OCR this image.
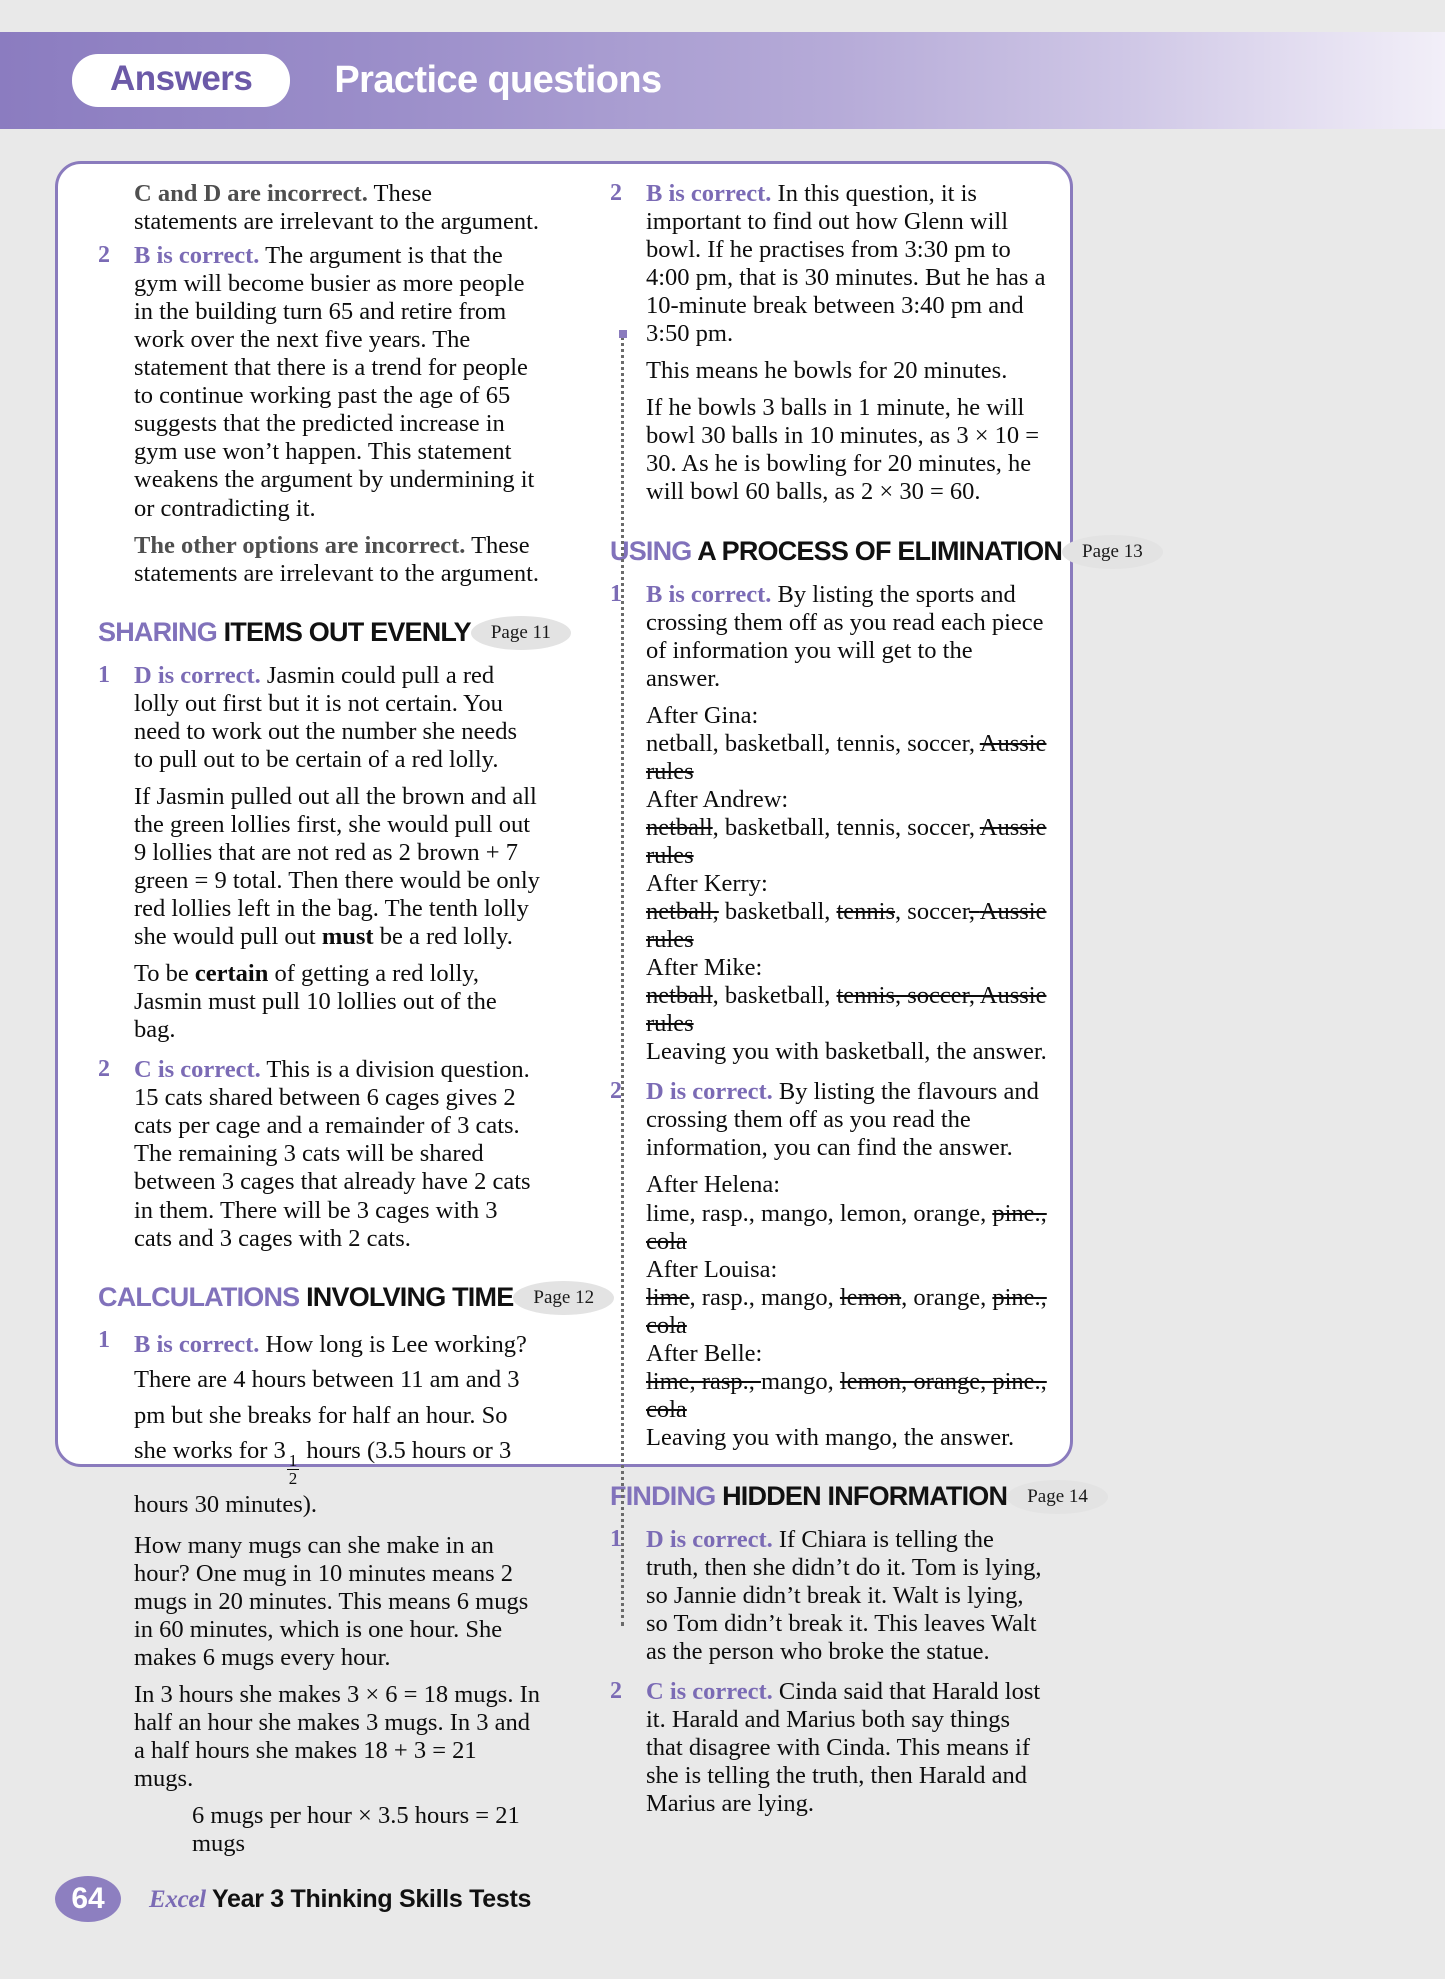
Answers	Practice questions

C and D are incorrect. These statements are irrelevant to the argument.

2 B is correct. The argument is that the gym will become busier as more people in the building turn 65 and retire from work over the next five years. The statement that there is a trend for people to continue working past the age of 65 suggests that the predicted increase in gym use won’t happen. This statement weakens the argument by undermining it or contradicting it.

The other options are incorrect. These statements are irrelevant to the argument.

SHARING ITEMS OUT EVENLY	Page 11
1 D is correct. Jasmin could pull a red lolly out first but it is not certain. You need to work out the number she needs to pull out to be certain of a red lolly.

If Jasmin pulled out all the brown and all the green lollies first, she would pull out 9 lollies that are not red as 2 brown + 7 green = 9 total. Then there would be only red lollies left in the bag. The tenth lolly she would pull out must be a red lolly.

To be certain of getting a red lolly, Jasmin must pull 10 lollies out of the bag.

2 C is correct. This is a division question. 15 cats shared between 6 cages gives 2 cats per cage and a remainder of 3 cats. The remaining 3 cats will be shared between 3 cages that already have 2 cats in them. There will be 3 cages with 3 cats and 3 cages with 2 cats.

CALCULATIONS INVOLVING TIME	Page 12
1 B is correct. How long is Lee working? There are 4 hours between 11 am and 3 pm but she breaks for half an hour. So she works for 3
$\frac{1}{2}$
hours (3.5 hours or 3 hours 30 minutes).

How many mugs can she make in an hour? One mug in 10 minutes means 2 mugs in 20 minutes. This means 6 mugs in 60 minutes, which is one hour. She makes 6 mugs every hour.

In 3 hours she makes 3 × 6 = 18 mugs. In half an hour she makes 3 mugs. In 3 and a half hours she makes 18 + 3 = 21 mugs.

6 mugs per hour × 3.5 hours = 21 mugs

2 B is correct. In this question, it is important to find out how Glenn will bowl. If he practises from 3:30 pm to 4:00 pm, that is 30 minutes. But he has a 10-minute break between 3:40 pm and 3:50 pm.

This means he bowls for 20 minutes.

If he bowls 3 balls in 1 minute, he will bowl 30 balls in 10 minutes, as 3 × 10 = 30. As he is bowling for 20 minutes, he will bowl 60 balls, as 2 × 30 = 60.

USING A PROCESS OF ELIMINATION	Page 13
1 B is correct. By listing the sports and crossing them off as you read each piece of information you will get to the answer.

After Gina:

netball, basketball, tennis, soccer, Aussie rules

After Andrew:

netball, basketball, tennis, soccer, Aussie rules

After Kerry:

netball, basketball, tennis, soccer, Aussie rules

After Mike:

netball, basketball, tennis, soccer, Aussie rules

Leaving you with basketball, the answer.

2 D is correct. By listing the flavours and crossing them off as you read the information, you can find the answer.

After Helena:

lime, rasp., mango, lemon, orange, pine., cola

After Louisa:

lime, rasp., mango, lemon, orange, pine., cola

After Belle:

lime, rasp., mango, lemon, orange, pine., cola

Leaving you with mango, the answer.

FINDING HIDDEN INFORMATION	Page 14
1 D is correct. If Chiara is telling the truth, then she didn’t do it. Tom is lying, so Jannie didn’t break it. Walt is lying, so Tom didn’t break it. This leaves Walt as the person who broke the statue.

2 C is correct. Cinda said that Harald lost it. Harald and Marius both say things that disagree with Cinda. This means if she is telling the truth, then Harald and Marius are lying.

64	Excel Year 3 Thinking Skills Tests
